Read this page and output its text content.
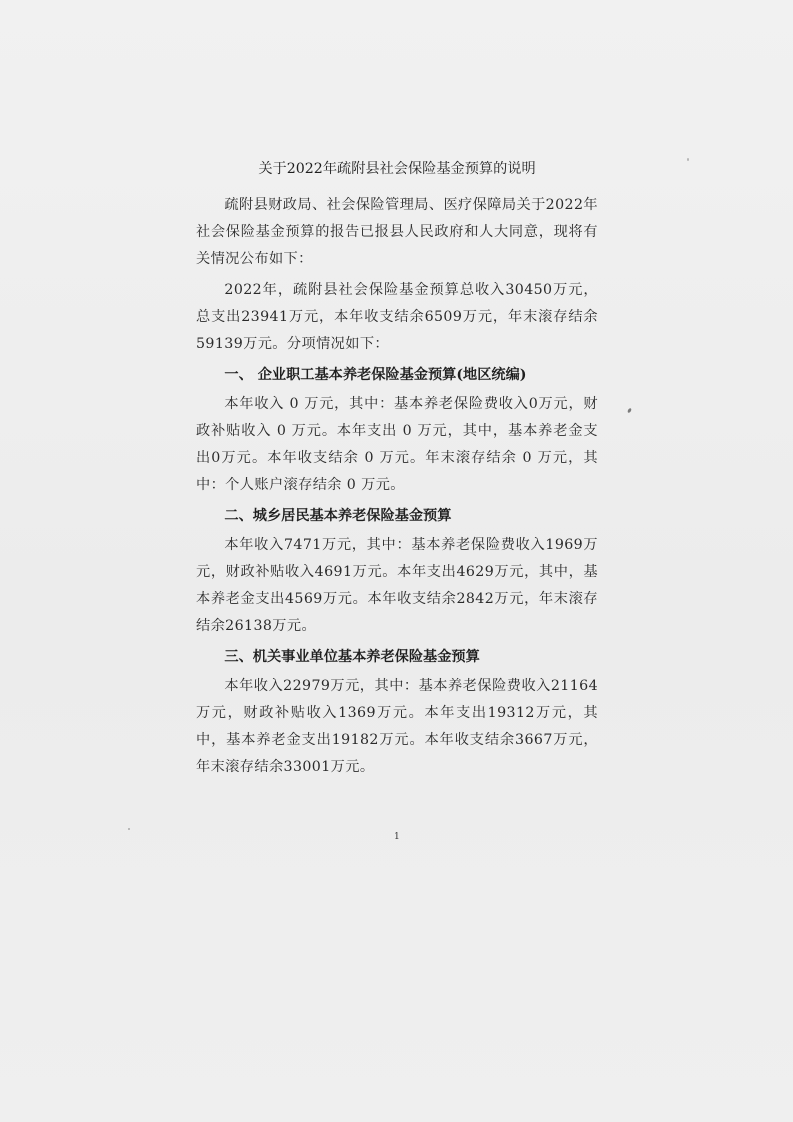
关于2022年疏附县社会保险基金预算的说明

疏附县财政局、社会保险管理局、医疗保障局关于2022年社会保险基金预算的报告已报县人民政府和人大同意，现将有关情况公布如下：

2022年，疏附县社会保险基金预算总收入30450万元，总支出23941万元，本年收支结余6509万元，年末滚存结余59139万元。分项情况如下：

一、 企业职工基本养老保险基金预算(地区统编)

本年收入 0 万元，其中：基本养老保险费收入0万元，财政补贴收入 0 万元。本年支出 0 万元，其中，基本养老金支出0万元。本年收支结余 0 万元。年末滚存结余 0 万元，其中：个人账户滚存结余 0 万元。

二、城乡居民基本养老保险基金预算

本年收入7471万元，其中：基本养老保险费收入1969万元，财政补贴收入4691万元。本年支出4629万元，其中，基本养老金支出4569万元。本年收支结余2842万元，年末滚存结余26138万元。

三、机关事业单位基本养老保险基金预算

本年收入22979万元，其中：基本养老保险费收入21164万元，财政补贴收入1369万元。本年支出19312万元，其中，基本养老金支出19182万元。本年收支结余3667万元，年末滚存结余33001万元。

1
